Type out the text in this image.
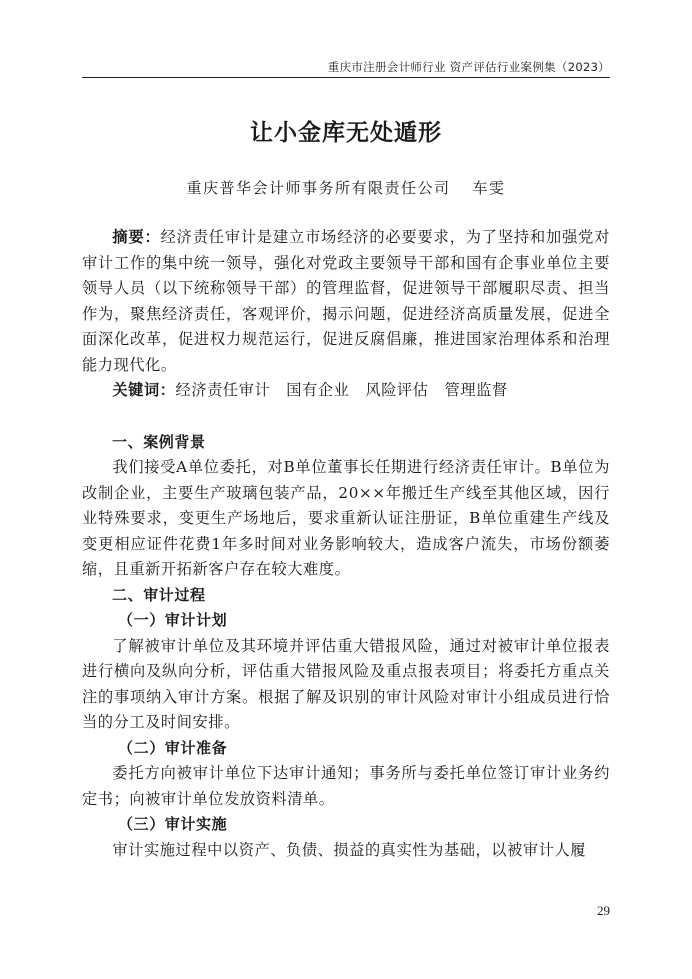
重庆市注册会计师行业 资产评估行业案例集（2023）
让小金库无处遁形
重庆普华会计师事务所有限责任公司 车雯

摘要：经济责任审计是建立市场经济的必要要求，为了坚持和加强党对审计工作的集中统一领导，强化对党政主要领导干部和国有企事业单位主要领导人员（以下统称领导干部）的管理监督，促进领导干部履职尽责、担当作为，聚焦经济责任，客观评价，揭示问题，促进经济高质量发展，促进全面深化改革，促进权力规范运行，促进反腐倡廉，推进国家治理体系和治理能力现代化。

关键词：经济责任审计 国有企业 风险评估 管理监督

一、案例背景

我们接受A单位委托，对B单位董事长任期进行经济责任审计。B单位为改制企业，主要生产玻璃包装产品，20××年搬迁生产线至其他区域，因行业特殊要求，变更生产场地后，要求重新认证注册证，B单位重建生产线及变更相应证件花费1年多时间对业务影响较大，造成客户流失，市场份额萎缩，且重新开拓新客户存在较大难度。

二、审计过程
（一）审计计划

了解被审计单位及其环境并评估重大错报风险，通过对被审计单位报表进行横向及纵向分析，评估重大错报风险及重点报表项目；将委托方重点关注的事项纳入审计方案。根据了解及识别的审计风险对审计小组成员进行恰当的分工及时间安排。

（二）审计准备

委托方向被审计单位下达审计通知；事务所与委托单位签订审计业务约定书；向被审计单位发放资料清单。

（三）审计实施

审计实施过程中以资产、负债、损益的真实性为基础，以被审计人履

29
